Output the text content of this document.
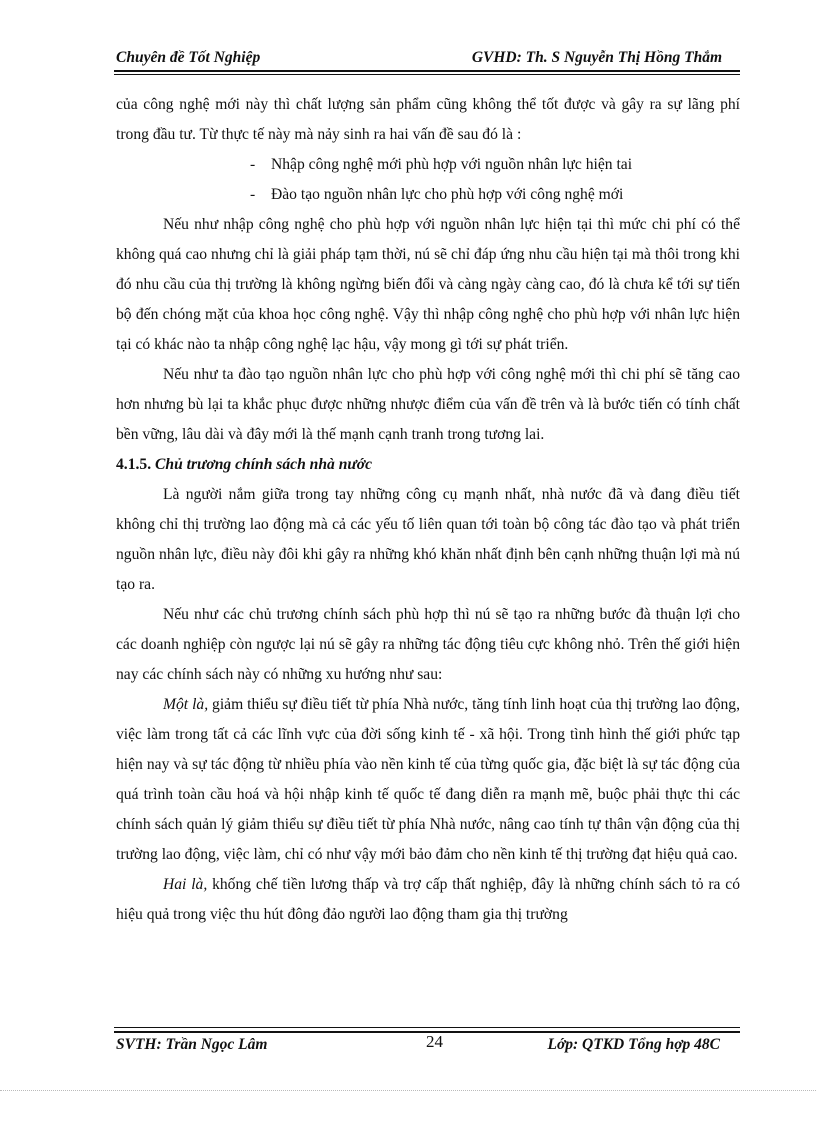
Chuyên đề Tốt Nghiệp	GVHD: Th. S Nguyễn Thị Hồng Thắm

của công nghệ mới này thì chất lượng sản phẩm cũng không thể tốt được và gây ra sự lãng phí trong đầu tư. Từ thực tế này mà nảy sinh ra hai vấn đề sau đó là :

- Nhập công nghệ mới phù hợp với nguồn nhân lực hiện tai

- Đào tạo nguồn nhân lực cho phù hợp với công nghệ mới

Nếu như nhập công nghệ cho phù hợp với nguồn nhân lực hiện tại thì mức chi phí có thể không quá cao nhưng chỉ là giải pháp tạm thời, nú sẽ chỉ đáp ứng nhu cầu hiện tại mà thôi trong khi đó nhu cầu của thị trường là không ngừng biến đổi và càng ngày càng cao, đó là chưa kể tới sự tiến bộ đến chóng mặt của khoa học công nghệ. Vậy thì nhập công nghệ cho phù hợp với nhân lực hiện tại có khác nào ta nhập công nghệ lạc hậu, vậy mong gì tới sự phát triển.

Nếu như ta đào tạo nguồn nhân lực cho phù hợp với công nghệ mới thì chi phí sẽ tăng cao hơn nhưng bù lại ta khắc phục được những nhược điểm của vấn đề trên và là bước tiến có tính chất bền vững, lâu dài và đây mới là thế mạnh cạnh tranh trong tương lai.

4.1.5. Chủ trương chính sách nhà nước

Là người nắm giữa trong tay những công cụ mạnh nhất, nhà nước đã và đang điều tiết không chỉ thị trường lao động mà cả các yếu tố liên quan tới toàn bộ công tác đào tạo và phát triển nguồn nhân lực, điều này đôi khi gây ra những khó khăn nhất định bên cạnh những thuận lợi mà nú tạo ra.

Nếu như các chủ trương chính sách phù hợp thì nú sẽ tạo ra những bước đà thuận lợi cho các doanh nghiệp còn ngược lại nú sẽ gây ra những tác động tiêu cực không nhỏ. Trên thế giới hiện nay các chính sách này có những xu hướng như sau:

Một là, giảm thiểu sự điều tiết từ phía Nhà nước, tăng tính linh hoạt của thị trường lao động, việc làm trong tất cả các lĩnh vực của đời sống kinh tế - xã hội. Trong tình hình thế giới phức tạp hiện nay và sự tác động từ nhiều phía vào nền kinh tế của từng quốc gia, đặc biệt là sự tác động của quá trình toàn cầu hoá và hội nhập kinh tế quốc tế đang diễn ra mạnh mẽ, buộc phải thực thi các chính sách quản lý giảm thiểu sự điều tiết từ phía Nhà nước, nâng cao tính tự thân vận động của thị trường lao động, việc làm, chỉ có như vậy mới bảo đảm cho nền kinh tế thị trường đạt hiệu quả cao.

Hai là, khống chế tiền lương thấp và trợ cấp thất nghiệp, đây là những chính sách tỏ ra có hiệu quả trong việc thu hút đông đảo người lao động tham gia thị trường

SVTH: Trần Ngọc Lâm	24	Lớp: QTKD Tổng hợp 48C
